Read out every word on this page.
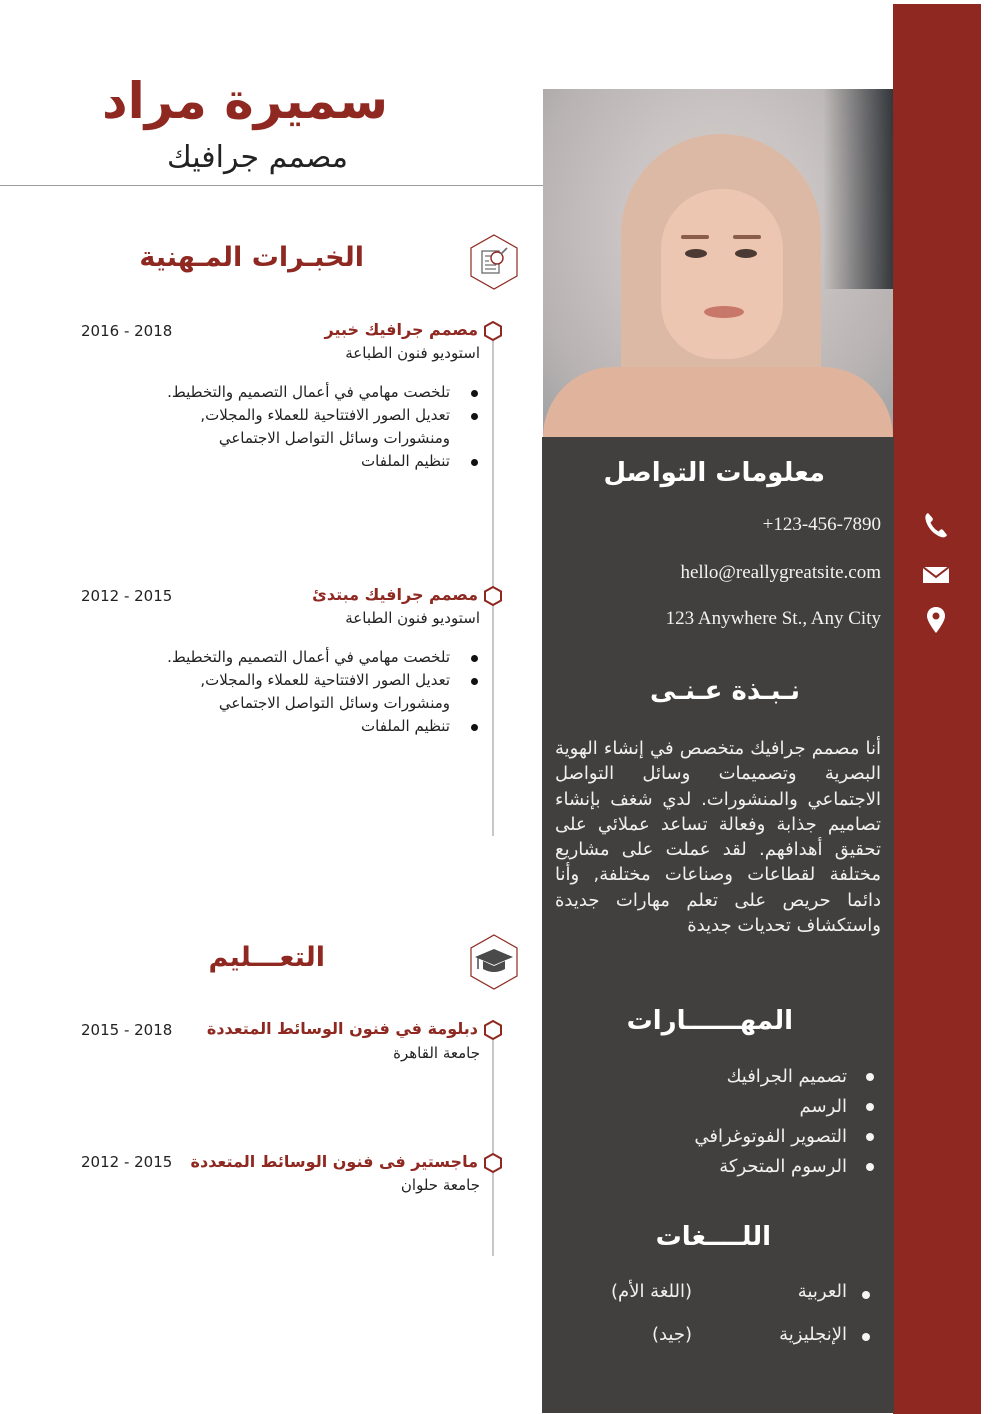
سميرة مراد
مصمم جرافيك
الخبـرات المـهنية
مصمم جرافيك خبير
استوديو فنون الطباعة
2016 - 2018
تلخصت مهامي في أعمال التصميم والتخطيط.
تعديل الصور الافتتاحية للعملاء والمجلات,
ومنشورات وسائل التواصل الاجتماعي
تنظيم الملفات
مصمم جرافيك مبتدئ
استوديو فنون الطباعة
2012 - 2015
تلخصت مهامي في أعمال التصميم والتخطيط.
تعديل الصور الافتتاحية للعملاء والمجلات,
ومنشورات وسائل التواصل الاجتماعي
تنظيم الملفات
التعـــليم
دبلومة في فنون الوسائط المتعددة
جامعة القاهرة
2015 - 2018
ماجستير فى فنون الوسائط المتعددة
جامعة حلوان
2012 - 2015
معلومات التواصل
+123-456-7890
hello@reallygreatsite.com
123 Anywhere St., Any City
نـبـذة عـنـى
أنا مصمم جرافيك متخصص في إنشاء الهوية البصرية وتصميمات وسائل التواصل الاجتماعي والمنشورات. لدي شغف بإنشاء تصاميم جذابة وفعالة تساعد عملائي على تحقيق أهدافهم. لقد عملت على مشاريع مختلفة لقطاعات وصناعات مختلفة, وأنا دائما حريص على تعلم مهارات جديدة واستكشاف تحديات جديدة
المهــــــارات
تصميم الجرافيك
الرسم
التصوير الفوتوغرافي
الرسوم المتحركة
اللــــغات
العربية
(اللغة الأم)
الإنجليزية
(جيد)
